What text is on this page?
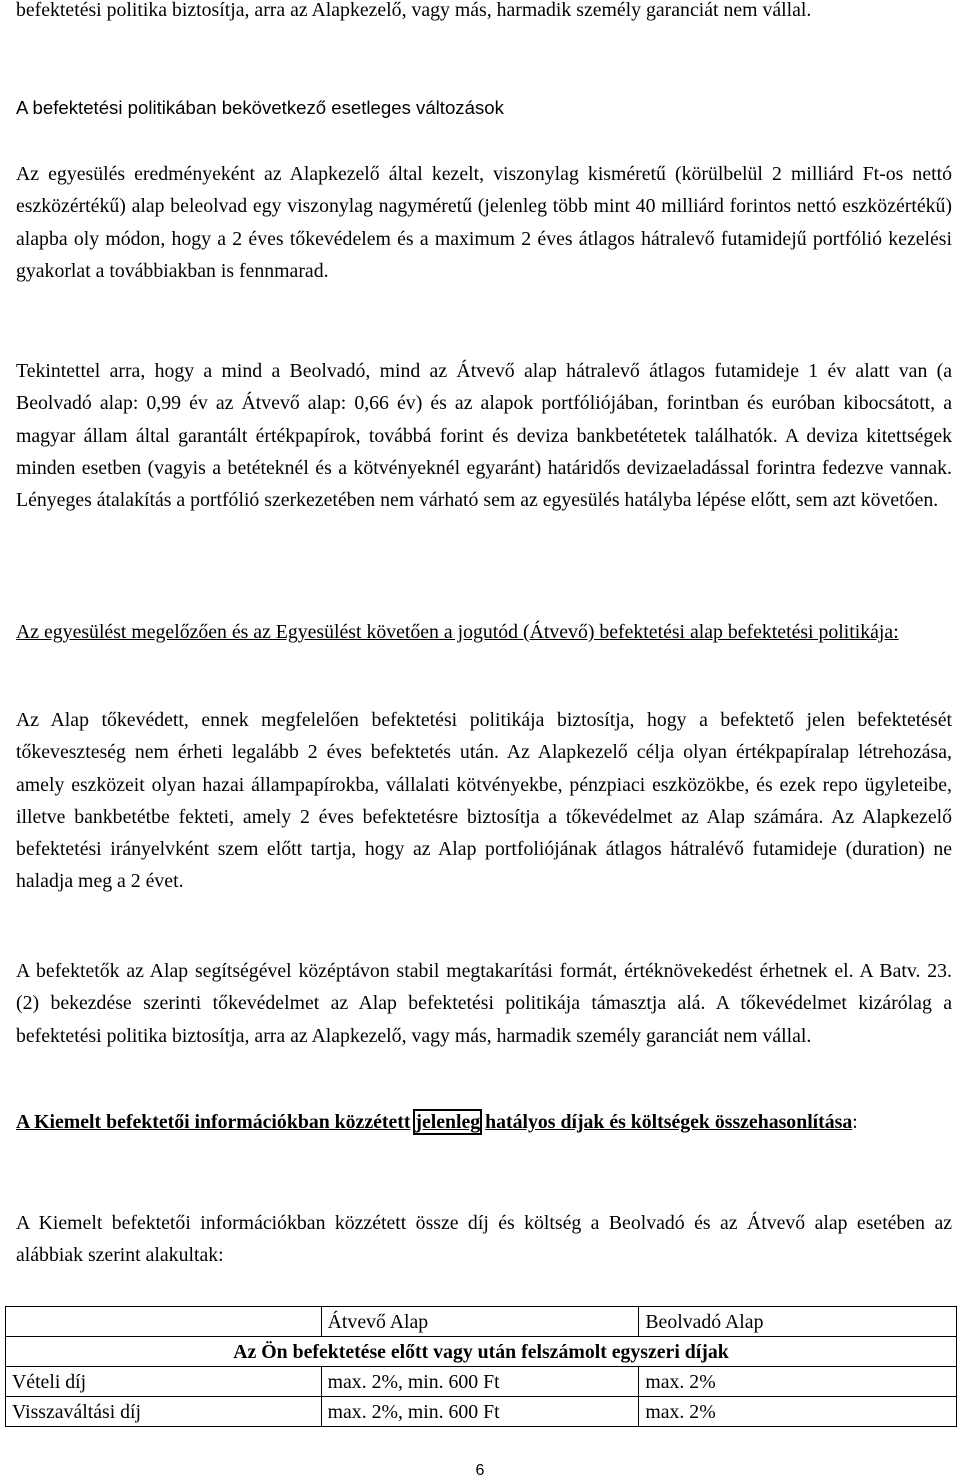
befektetési politika biztosítja, arra az Alapkezelő, vagy más, harmadik személy garanciát nem vállal.

A befektetési politikában bekövetkező esetleges változások

Az egyesülés eredményeként az Alapkezelő által kezelt, viszonylag kisméretű (körülbelül 2 milliárd Ft-os nettó eszközértékű) alap beleolvad egy viszonylag nagyméretű (jelenleg több mint 40 milliárd forintos nettó eszközértékű) alapba oly módon, hogy a 2 éves tőkevédelem és a maximum 2 éves átlagos hátralevő futamidejű portfólió kezelési gyakorlat a továbbiakban is fennmarad.

Tekintettel arra, hogy a mind a Beolvadó, mind az Átvevő alap hátralevő átlagos futamideje 1 év alatt van (a Beolvadó alap: 0,99 év az Átvevő alap: 0,66 év) és az alapok portfóliójában, forintban és euróban kibocsátott, a magyar állam által garantált értékpapírok, továbbá forint és deviza bankbetétetek találhatók. A deviza kitettségek minden esetben (vagyis a betéteknél és a kötvényeknél egyaránt) határidős devizaeladással forintra fedezve vannak. Lényeges átalakítás a portfólió szerkezetében nem várható sem az egyesülés hatályba lépése előtt, sem azt követően.

Az egyesülést megelőzően és az Egyesülést követően a jogutód (Átvevő) befektetési alap befektetési politikája:

Az Alap tőkevédett, ennek megfelelően befektetési politikája biztosítja, hogy a befektető jelen befektetését tőkeveszteség nem érheti legalább 2 éves befektetés után. Az Alapkezelő célja olyan értékpapíralap létrehozása, amely eszközeit olyan hazai állampapírokba, vállalati kötvényekbe, pénzpiaci eszközökbe, és ezek repo ügyleteibe, illetve bankbetétbe fekteti, amely 2 éves befektetésre biztosítja a tőkevédelmet az Alap számára. Az Alapkezelő befektetési irányelvként szem előtt tartja, hogy az Alap portfoliójának átlagos hátralévő futamideje (duration) ne haladja meg a 2 évet.

A befektetők az Alap segítségével középtávon stabil megtakarítási formát, értéknövekedést érhetnek el. A Batv. 23. (2) bekezdése szerinti tőkevédelmet az Alap befektetési politikája támasztja alá. A tőkevédelmet kizárólag a befektetési politika biztosítja, arra az Alapkezelő, vagy más, harmadik személy garanciát nem vállal.

A Kiemelt befektetői információkban közzétett jelenleg hatályos díjak és költségek összehasonlítása:

A Kiemelt befektetői információkban közzétett össze díj és költség a Beolvadó és az Átvevő alap esetében az alábbiak szerint alakultak:

	Átvevő Alap	Beolvadó Alap
Az Ön befektetése előtt vagy után felszámolt egyszeri díjak		
Vételi díj	max. 2%, min. 600 Ft	max. 2%
Visszaváltási díj	max. 2%, min. 600 Ft	max. 2%
6
